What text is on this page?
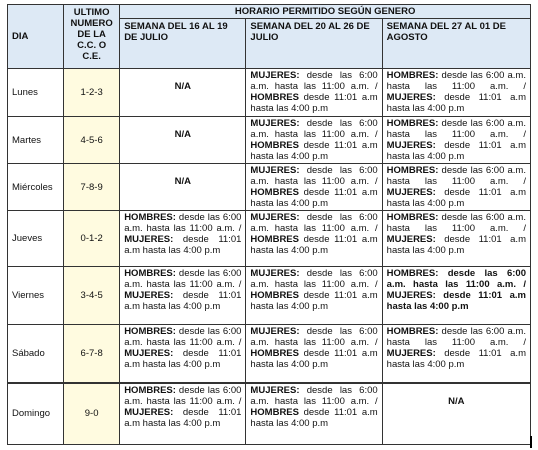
DIA	ULTIMO
NUMERO DE LA
C.C. O
C.E.	HORARIO PERMITIDO SEGÚN GENERO		
		SEMANA DEL 16 AL 19 DE JULIO	SEMANA DEL 20 AL 26 DE JULIO	SEMANA DEL 27 AL 01 DE AGOSTO
Lunes	1-2-3	N/A	MUJERES: desde las 6:00 a.m. hasta las 11:00 a.m. / HOMBRES desde 11:01 a.m hasta las 4:00 p.m	HOMBRES: desde las 6:00 a.m. hasta las 11:00 a.m. / MUJERES: desde 11:01 a.m hasta las 4:00 p.m
Martes	4-5-6	N/A	MUJERES: desde las 6:00 a.m. hasta las 11:00 a.m. / HOMBRES desde 11:01 a.m hasta las 4:00 p.m	HOMBRES: desde las 6:00 a.m. hasta las 11:00 a.m. / MUJERES: desde 11:01 a.m hasta las 4:00 p.m
Miércoles	7-8-9	N/A	MUJERES: desde las 6:00 a.m. hasta las 11:00 a.m. / HOMBRES desde 11:01 a.m hasta las 4:00 p.m	HOMBRES: desde las 6:00 a.m. hasta las 11:00 a.m. / MUJERES: desde 11:01 a.m hasta las 4:00 p.m
Jueves	0-1-2	HOMBRES: desde las 6:00 a.m. hasta las 11:00 a.m. / MUJERES: desde 11:01 a.m hasta las 4:00 p.m	MUJERES: desde las 6:00 a.m. hasta las 11:00 a.m. / HOMBRES desde 11:01 a.m hasta las 4:00 p.m	HOMBRES: desde las 6:00 a.m. hasta las 11:00 a.m. / MUJERES: desde 11:01 a.m hasta las 4:00 p.m
Viernes	3-4-5	HOMBRES: desde las 6:00 a.m. hasta las 11:00 a.m. / MUJERES: desde 11:01 a.m hasta las 4:00 p.m	MUJERES: desde las 6:00 a.m. hasta las 11:00 a.m. / HOMBRES desde 11:01 a.m hasta las 4:00 p.m	HOMBRES: desde las 6:00 a.m. hasta las 11:00 a.m. / MUJERES: desde 11:01 a.m hasta las 4:00 p.m
Sábado	6-7-8	HOMBRES: desde las 6:00 a.m. hasta las 11:00 a.m. / MUJERES: desde 11:01 a.m hasta las 4:00 p.m	MUJERES: desde las 6:00 a.m. hasta las 11:00 a.m. / HOMBRES desde 11:01 a.m hasta las 4:00 p.m	HOMBRES: desde las 6:00 a.m. hasta las 11:00 a.m. / MUJERES: desde 11:01 a.m hasta las 4:00 p.m
Domingo	9-0	HOMBRES: desde las 6:00 a.m. hasta las 11:00 a.m. / MUJERES: desde 11:01 a.m hasta las 4:00 p.m	MUJERES: desde las 6:00 a.m. hasta las 11:00 a.m. / HOMBRES desde 11:01 a.m hasta las 4:00 p.m	N/A
